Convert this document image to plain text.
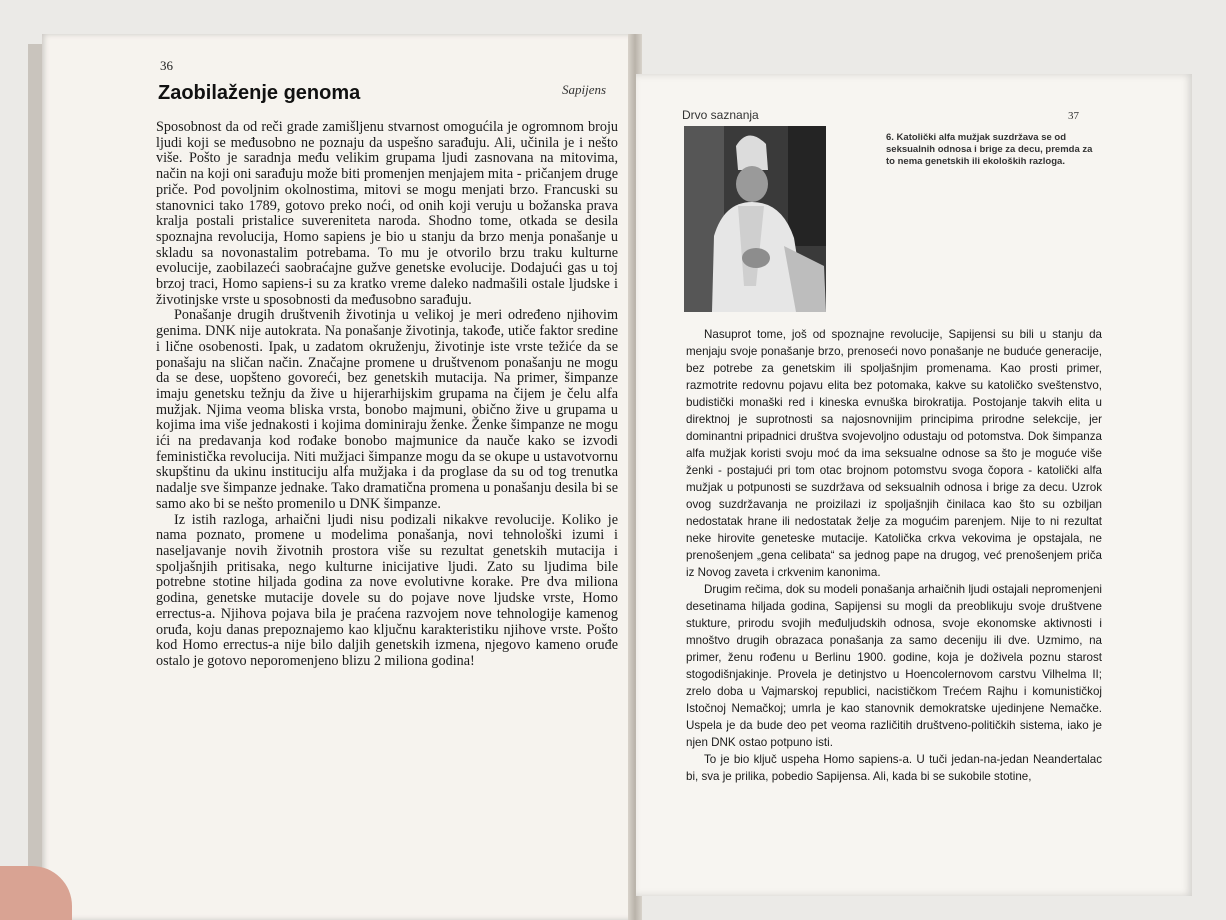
36
Sapijens
Zaobilaženje genoma

Sposobnost da od reči grade zamišljenu stvarnost omogućila je ogromnom broju ljudi koji se međusobno ne poznaju da uspešno sarađuju. Ali, učinila je i nešto više. Pošto je saradnja među velikim grupama ljudi zasnovana na mitovima, način na koji oni sarađuju može biti promenjen menjajem mita - pričanjem druge priče. Pod povoljnim okolnostima, mitovi se mogu menjati brzo. Francuski su stanovnici tako 1789, gotovo preko noći, od onih koji veruju u božanska prava kralja postali pristalice suvereniteta naroda. Shodno tome, otkada se desila spoznajna revolucija, Homo sapiens je bio u stanju da brzo menja ponašanje u skladu sa novonastalim potrebama. To mu je otvorilo brzu traku kulturne evolucije, zaobilazeći saobraćajne gužve genetske evolucije. Dodajući gas u toj brzoj traci, Homo sapiens-i su za kratko vreme daleko nadmašili ostale ljudske i životinjske vrste u sposobnosti da međusobno sarađuju.

Ponašanje drugih društvenih životinja u velikoj je meri određeno njihovim genima. DNK nije autokrata. Na ponašanje životinja, takođe, utiče faktor sredine i lične osobenosti. Ipak, u zadatom okruženju, životinje iste vrste težiće da se ponašaju na sličan način. Značajne promene u društvenom ponašanju ne mogu da se dese, uopšteno govoreći, bez genetskih mutacija. Na primer, šimpanze imaju genetsku težnju da žive u hijerarhijskim grupama na čijem je čelu alfa mužjak. Njima veoma bliska vrsta, bonobo majmuni, obično žive u grupama u kojima ima više jednakosti i kojima dominiraju ženke. Ženke šimpanze ne mogu ići na predavanja kod rođake bonobo majmunice da nauče kako se izvodi feministička revolucija. Niti mužjaci šimpanze mogu da se okupe u ustavotvornu skupštinu da ukinu instituciju alfa mužjaka i da proglase da su od tog trenutka nadalje sve šimpanze jednake. Tako dramatična promena u ponašanju desila bi se samo ako bi se nešto promenilo u DNK šimpanze.

Iz istih razloga, arhaični ljudi nisu podizali nikakve revolucije. Koliko je nama poznato, promene u modelima ponašanja, novi tehnološki izumi i naseljavanje novih životnih prostora više su rezultat genetskih mutacija i spoljašnjih pritisaka, nego kulturne inicijative ljudi. Zato su ljudima bile potrebne stotine hiljada godina za nove evolutivne korake. Pre dva miliona godina, genetske mutacije dovele su do pojave nove ljudske vrste, Homo errectus-a. Njihova pojava bila je praćena razvojem nove tehnologije kamenog oruđa, koju danas prepoznajemo kao ključnu karakteristiku njihove vrste. Pošto kod Homo errectus-a nije bilo daljih genetskih izmena, njegovo kameno oruđe ostalo je gotovo neporomenjeno blizu 2 miliona godina!

Drvo saznanja	37
6. Katolički alfa mužjak suzdržava se od seksualnih odnosa i brige za decu, premda za to nema genetskih ili ekoloških razloga.

Nasuprot tome, još od spoznajne revolucije, Sapijensi su bili u stanju da menjaju svoje ponašanje brzo, prenoseći novo ponašanje ne buduće generacije, bez potrebe za genetskim ili spoljašnjim promenama. Kao prosti primer, razmotrite redovnu pojavu elita bez potomaka, kakve su katoličko sveštenstvo, budistički monaški red i kineska evnuška birokratija. Postojanje takvih elita u direktnoj je suprotnosti sa najosnovnijim principima prirodne selekcije, jer dominantni pripadnici društva svojevoljno odustaju od potomstva. Dok šimpanza alfa mužjak koristi svoju moć da ima seksualne odnose sa što je moguće više ženki - postajući pri tom otac brojnom potomstvu svoga čopora - katolički alfa mužjak u potpunosti se suzdržava od seksualnih odnosa i brige za decu. Uzrok ovog suzdržavanja ne proizilazi iz spoljašnjih činilaca kao što su ozbiljan nedostatak hrane ili nedostatak želje za mogućim parenjem. Nije to ni rezultat neke hirovite geneteske mutacije. Katolička crkva vekovima je opstajala, ne prenošenjem „gena celibata“ sa jednog pape na drugog, već prenošenjem priča iz Novog zaveta i crkvenim kanonima.

Drugim rečima, dok su modeli ponašanja arhaičnih ljudi ostajali nepromenjeni desetinama hiljada godina, Sapijensi su mogli da preoblikuju svoje društvene stukture, prirodu svojih međuljudskih odnosa, svoje ekonomske aktivnosti i mnoštvo drugih obrazaca ponašanja za samo deceniju ili dve. Uzmimo, na primer, ženu rođenu u Berlinu 1900. godine, koja je doživela poznu starost stogodišnjakinje. Provela je detinjstvo u Hoencolernovom carstvu Vilhelma II; zrelo doba u Vajmarskoj republici, nacističkom Trećem Rajhu i komunističkoj Istočnoj Nemačkoj; umrla je kao stanovnik demokratske ujedinjene Nemačke. Uspela je da bude deo pet veoma različitih društveno-političkih sistema, iako je njen DNK ostao potpuno isti.

To je bio ključ uspeha Homo sapiens-a. U tuči jedan-na-jedan Neandertalac bi, sva je prilika, pobedio Sapijensa. Ali, kada bi se sukobile stotine,
